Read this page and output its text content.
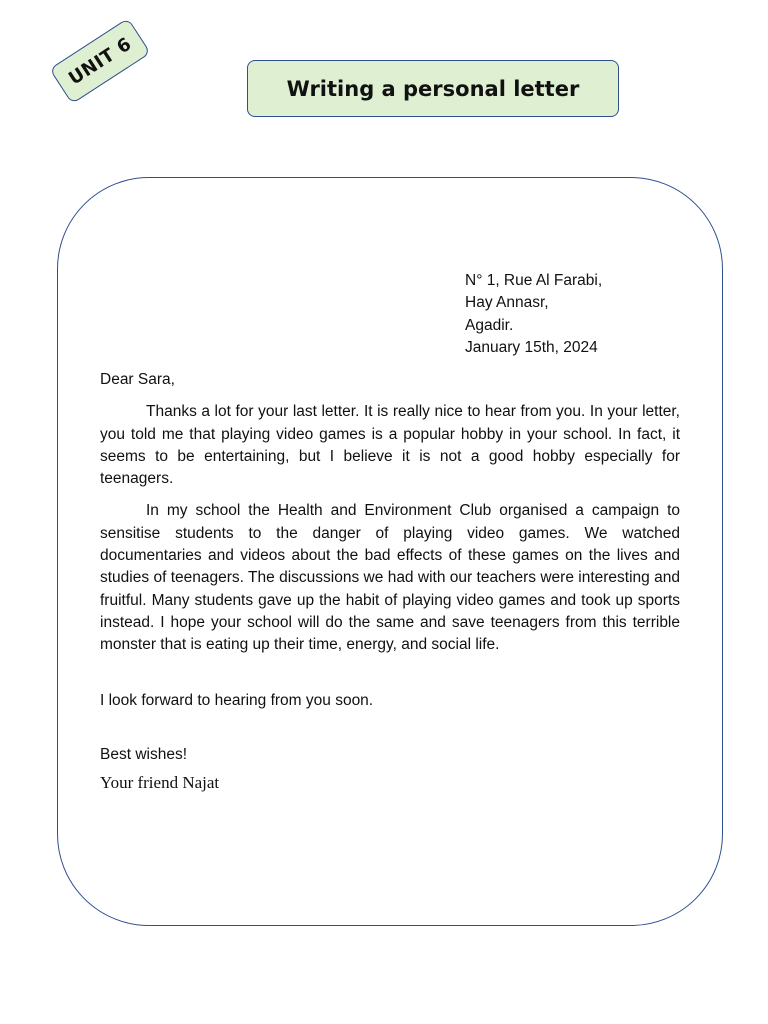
UNIT 6	Writing a personal letter
N° 1, Rue Al Farabi,
Hay Annasr,
Agadir.
January 15th, 2024

Dear Sara,

Thanks a lot for your last letter. It is really nice to hear from you. In your letter, you told me that playing video games is a popular hobby in your school. In fact, it seems to be entertaining, but I believe it is not a good hobby especially for teenagers.

In my school the Health and Environment Club organised a campaign to sensitise students to the danger of playing video games. We watched documentaries and videos about the bad effects of these games on the lives and studies of teenagers. The discussions we had with our teachers were interesting and fruitful. Many students gave up the habit of playing video games and took up sports instead. I hope your school will do the same and save teenagers from this terrible monster that is eating up their time, energy, and social life.

I look forward to hearing from you soon.

Best wishes!

Your friend Najat
